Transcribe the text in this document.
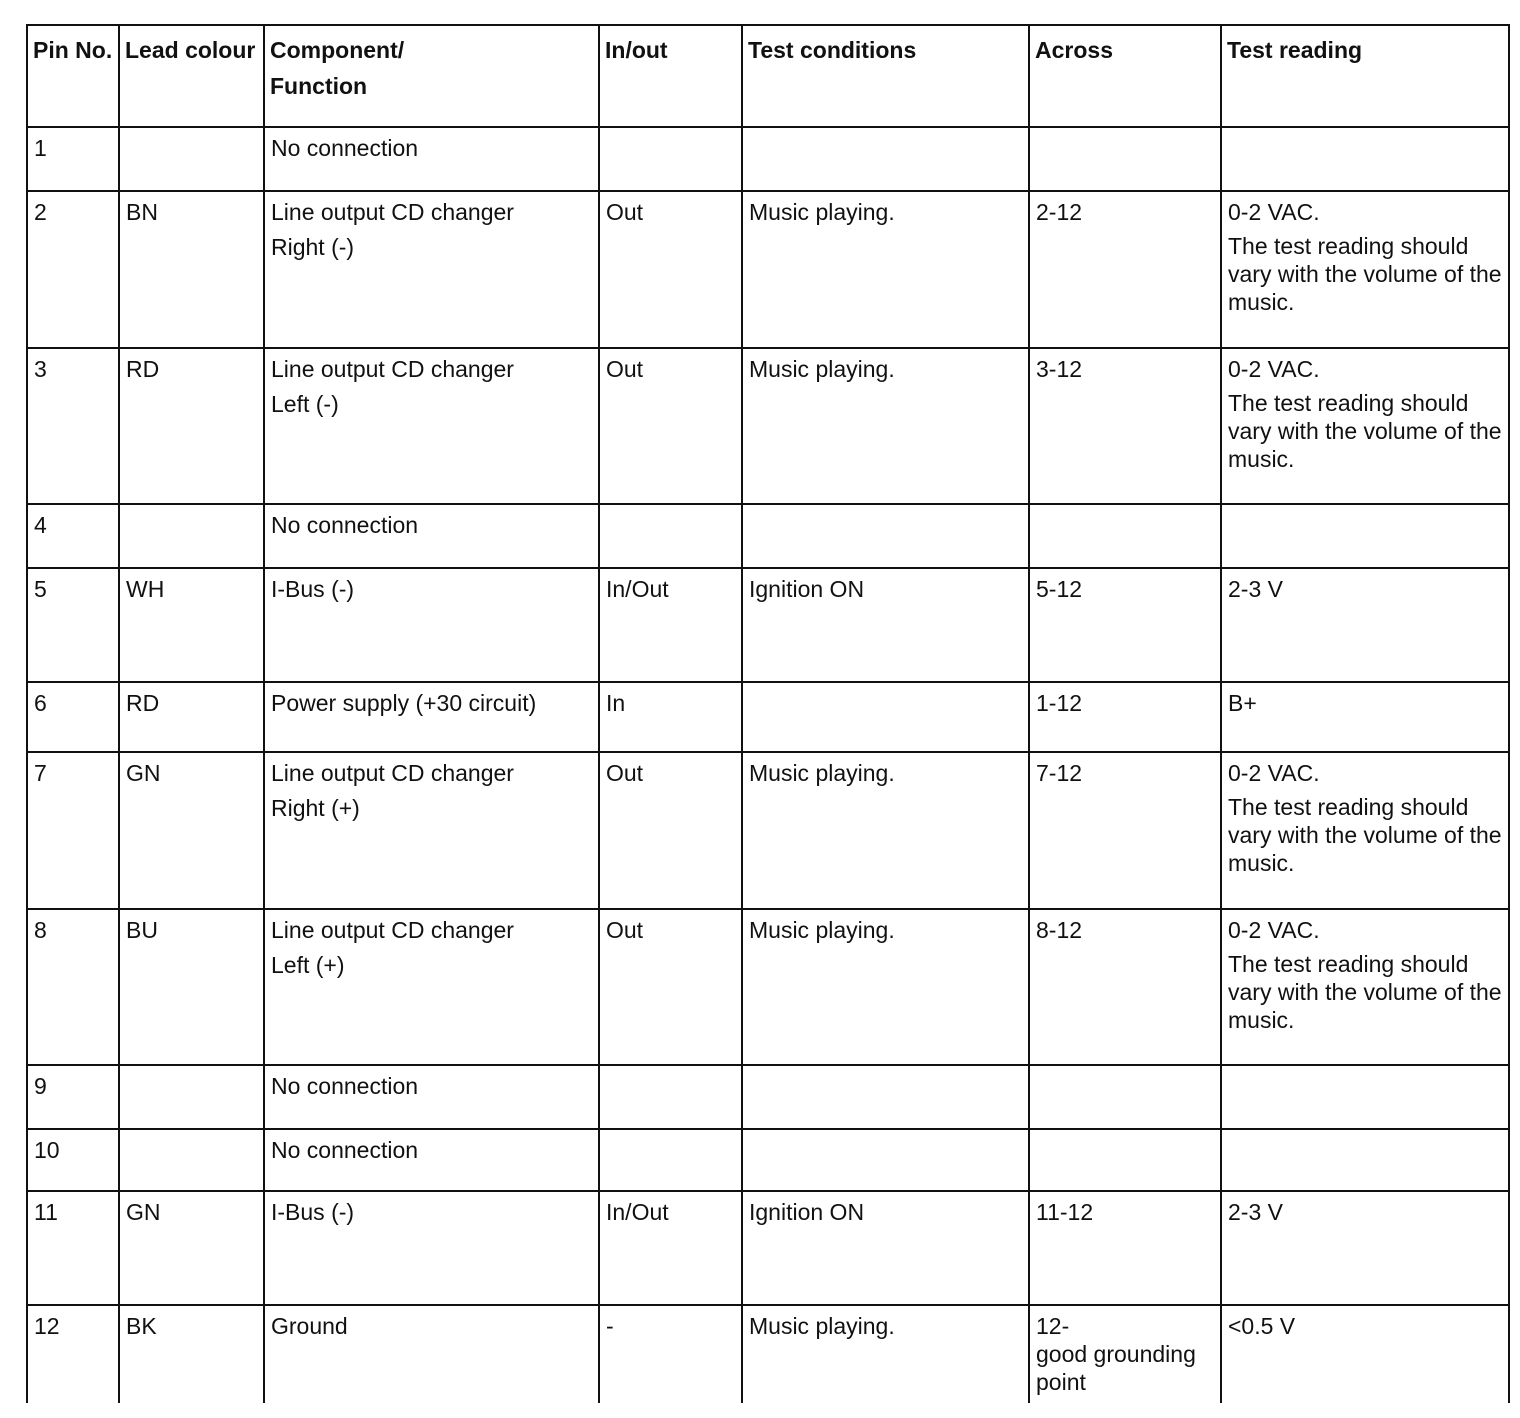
Pin No.	Lead colour	Component/
Function	In/out	Test conditions	Across	Test reading
1		No connection				

2	BN	Line output CD changer
Right (-)	Out	Music playing.	2-12	0-2 VAC.
The test reading should vary with the volume of the music.

3	RD	Line output CD changer
Left (-)	Out	Music playing.	3-12	0-2 VAC.
The test reading should vary with the volume of the music.

4		No connection				

5	WH	I-Bus (-)	In/Out	Ignition ON	5-12	2-3 V

6	RD	Power supply (+30 circuit)	In		1-12	B+

7	GN	Line output CD changer
Right (+)	Out	Music playing.	7-12	0-2 VAC.
The test reading should vary with the volume of the music.

8	BU	Line output CD changer
Left (+)	Out	Music playing.	8-12	0-2 VAC.
The test reading should vary with the volume of the music.

9		No connection				

10		No connection				

11	GN	I-Bus (-)	In/Out	Ignition ON	11-12	2-3 V

12	BK	Ground	-	Music playing.	12-
good grounding point	<0.5 V
